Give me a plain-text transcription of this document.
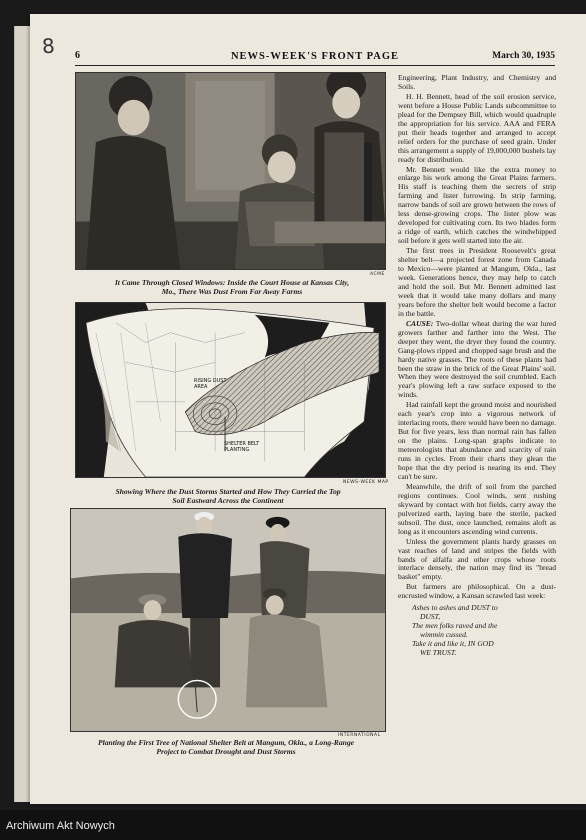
8 6	NEWS-WEEK'S FRONT PAGE	March 30, 1935
ACME
It Came Through Closed Windows: Inside the Court House at Kansas City, Mo., There Was Dust From Far Away Farms
RISING DUST AREA
SHELTER BELT PLANTING
NEWS-WEEK MAP
Showing Where the Dust Storms Started and How They Carried the Top Soil Eastward Across the Continent
INTERNATIONAL
Planting the First Tree of National Shelter Belt at Mangum, Okla., a Long-Range Project to Combat Drought and Dust Storms

Engineering, Plant Industry, and Chemistry and Soils.

H. H. Bennett, head of the soil erosion service, went before a House Public Lands subcommittee to plead for the Dempsey Bill, which would quadruple the appropriation for his service. AAA and FERA put their heads together and arranged to accept relief orders for the purchase of seed grain. Under this arrangement a supply of 19,000,000 bushels lay ready for distribution.

Mr. Bennett would like the extra money to enlarge his work among the Great Plains farmers. His staff is teaching them the secrets of strip farming and lister furrowing. In strip farming, narrow bands of soil are grown between the rows of less dense-growing crops. The lister plow was developed for cultivating corn. Its two blades form a ridge of earth, which catches the windwhipped soil before it gets well started into the air.

The first trees in President Roosevelt's great shelter belt—a projected forest zone from Canada to Mexico—were planted at Mangum, Okla., last week. Generations hence, they may help to catch and hold the soil. But Mr. Bennett admitted last week that it would take many dollars and many years before the shelter belt would become a factor in the battle.

CAUSE: Two-dollar wheat during the war lured growers farther and farther into the West. The deeper they went, the dryer they found the country. Gang-plows ripped and chopped sage brush and the hardy native grasses. The roots of these plants had been the straw in the brick of the Great Plains' soil. When they were destroyed the soil crumbled. Each year's plowing left a raw surface exposed to the winds.

Had rainfall kept the ground moist and nourished each year's crop into a vigorous network of interlacing roots, there would have been no damage. But for five years, less than normal rain has fallen on the plains. Long-span graphs indicate to meteorologists that abundance and scarcity of rain runs in cycles. From their charts they glean the hope that the dry period is nearing its end. They can't be sure.

Meanwhile, the drift of soil from the parched regions continues. Cool winds, sent rushing skyward by contact with hot fields, carry away the pulverized earth, laying bare the sterile, packed subsoil. The dust, once launched, remains aloft as long as it encounters ascending wind currents.

Unless the government plants hardy grasses on vast reaches of land and stripes the fields with bands of alfalfa and other crops whose roots interlace densely, the nation may find its "bread basket" empty.

But farmers are philosophical. On a dust-encrusted window, a Kansan scrawled last week:

Ashes to ashes and DUST to
DUST,
The men folks raved and the
wimmin cussed.
Take it and like it, IN GOD
WE TRUST.
Archiwum Akt Nowych
